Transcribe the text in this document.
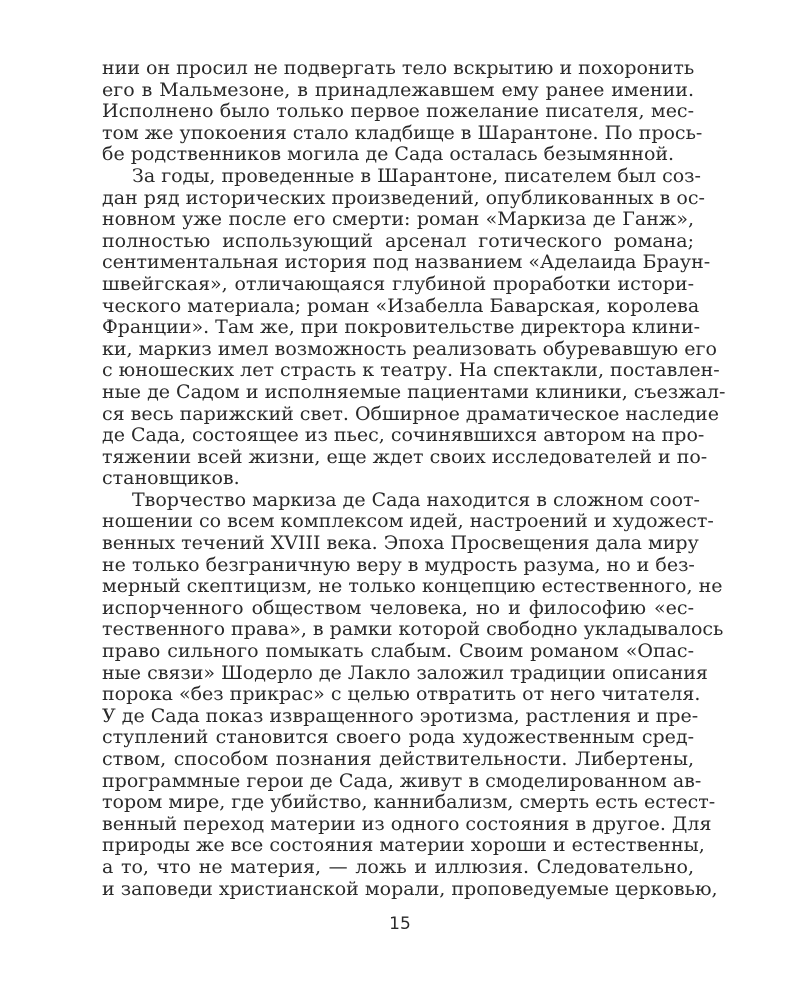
нии он просил не подвергать тело вскрытию и похоронить
его в Мальмезоне, в принадлежавшем ему ранее имении.
Исполнено было только первое пожелание писателя, мес-
том же упокоения стало кладбище в Шарантоне. По прось-
бе родственников могила де Сада осталась безымянной.

За годы, проведенные в Шарантоне, писателем был соз-
дан ряд исторических произведений, опубликованных в ос-
новном уже после его смерти: роман «Маркиза де Ганж»,
полностью использующий арсенал готического романа;
сентиментальная история под названием «Аделаида Браун-
швейгская», отличающаяся глубиной проработки истори-
ческого материала; роман «Изабелла Баварская, королева
Франции». Там же, при покровительстве директора клини-
ки, маркиз имел возможность реализовать обуревавшую его
с юношеских лет страсть к театру. На спектакли, поставлен-
ные де Садом и исполняемые пациентами клиники, съезжал-
ся весь парижский свет. Обширное драматическое наследие
де Сада, состоящее из пьес, сочинявшихся автором на про-
тяжении всей жизни, еще ждет своих исследователей и по-
становщиков.

Творчество маркиза де Сада находится в сложном соот-
ношении со всем комплексом идей, настроений и художест-
венных течений XVIII века. Эпоха Просвещения дала миру
не только безграничную веру в мудрость разума, но и без-
мерный скептицизм, не только концепцию естественного, не
испорченного обществом человека, но и философию «ес-
тественного права», в рамки которой свободно укладывалось
право сильного помыкать слабым. Своим романом «Опас-
ные связи» Шодерло де Лакло заложил традиции описания
порока «без прикрас» с целью отвратить от него читателя.
У де Сада показ извращенного эротизма, растления и пре-
ступлений становится своего рода художественным сред-
ством, способом познания действительности. Либертены,
программные герои де Сада, живут в смоделированном ав-
тором мире, где убийство, каннибализм, смерть есть естест-
венный переход материи из одного состояния в другое. Для
природы же все состояния материи хороши и естественны,
а то, что не материя, — ложь и иллюзия. Следовательно,
и заповеди христианской морали, проповедуемые церковью,

15
